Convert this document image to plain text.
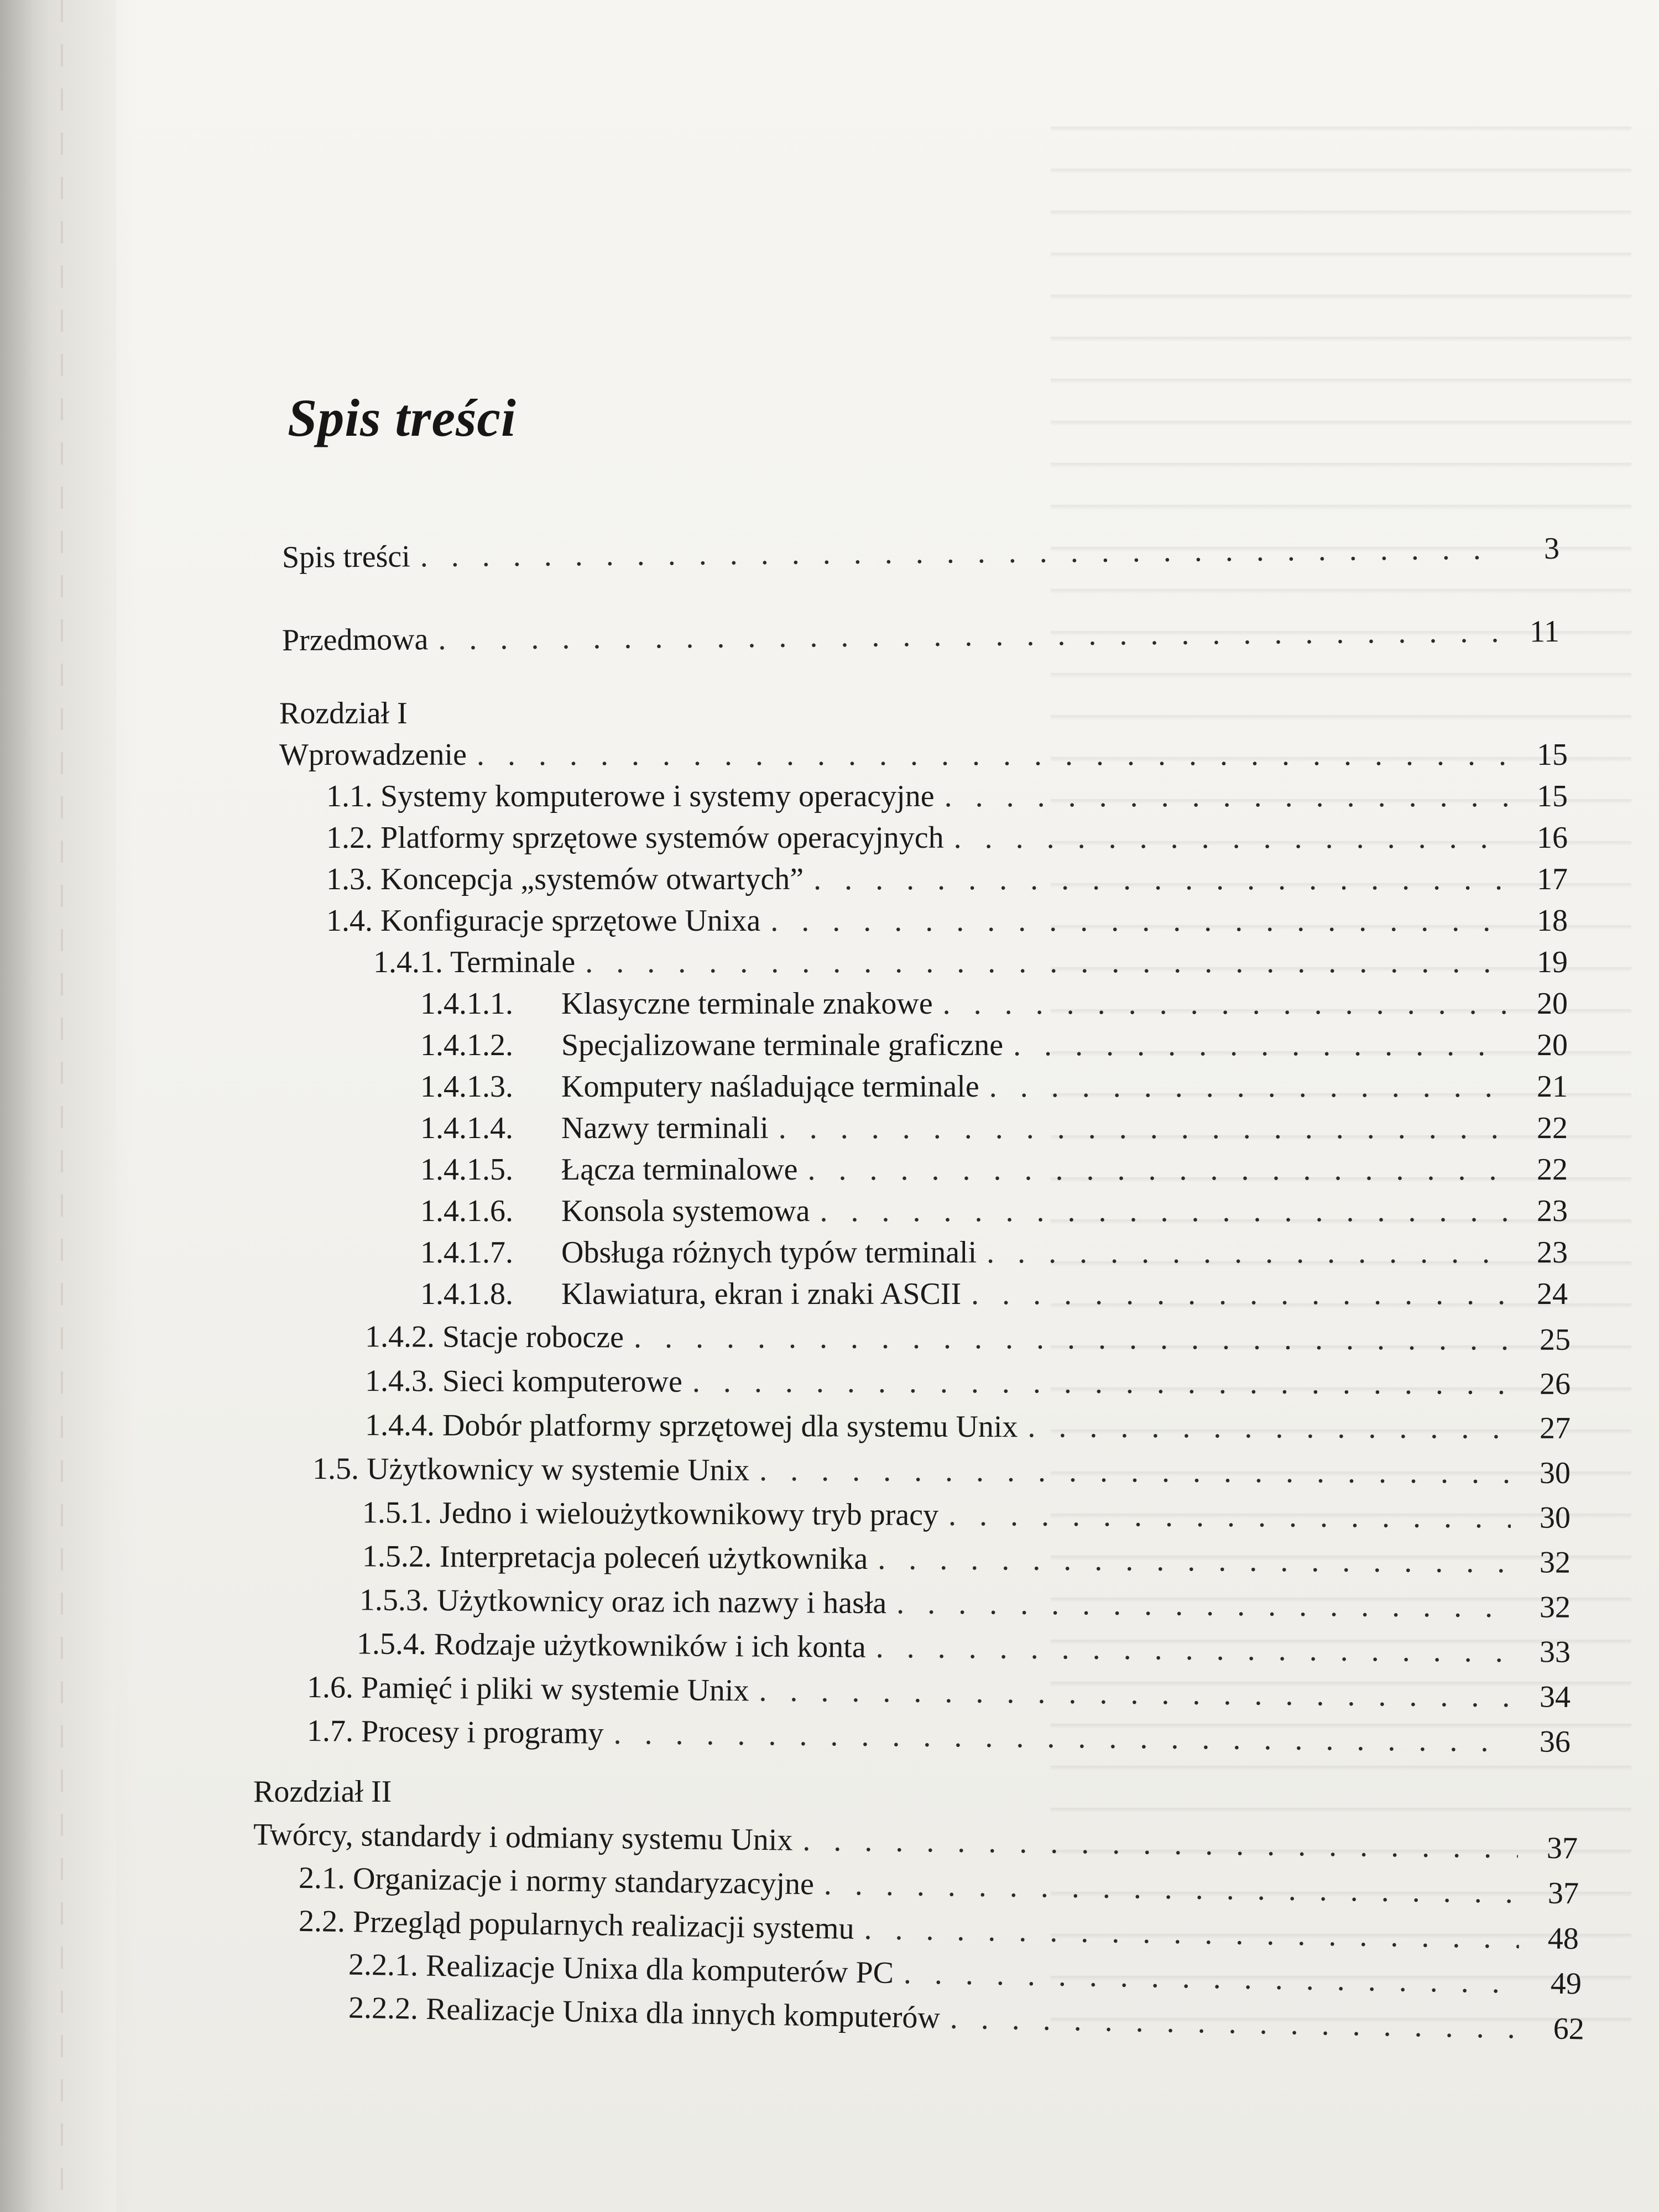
Spis treści
Spis treści . . .	3
Przedmowa . . .	11
Rozdział I
Wprowadzenie . . .	15
1.1. Systemy komputerowe i systemy operacyjne . . .	15
1.2. Platformy sprzętowe systemów operacyjnych . . .	16
1.3. Koncepcja „systemów otwartych” . . .	17
1.4. Konfiguracje sprzętowe Unixa . . .	18
1.4.1. Terminale . . .	19
1.4.1.1.	Klasyczne terminale znakowe . . .	20
1.4.1.2.	Specjalizowane terminale graficzne . . .	20
1.4.1.3.	Komputery naśladujące terminale . . .	21
1.4.1.4.	Nazwy terminali . . .	22
1.4.1.5.	Łącza terminalowe . . .	22
1.4.1.6.	Konsola systemowa . . .	23
1.4.1.7.	Obsługa różnych typów terminali . . .	23
1.4.1.8.	Klawiatura, ekran i znaki ASCII . . .	24
1.4.2. Stacje robocze . . .	25
1.4.3. Sieci komputerowe . . .	26
1.4.4. Dobór platformy sprzętowej dla systemu Unix . . .	27
1.5. Użytkownicy w systemie Unix . . .	30
1.5.1. Jedno i wieloużytkownikowy tryb pracy . . .	30
1.5.2. Interpretacja poleceń użytkownika . . .	32
1.5.3. Użytkownicy oraz ich nazwy i hasła . . .	32
1.5.4. Rodzaje użytkowników i ich konta . . .	33
1.6. Pamięć i pliki w systemie Unix . . .	34
1.7. Procesy i programy . . .	36
Rozdział II
Twórcy, standardy i odmiany systemu Unix . . .	37
2.1. Organizacje i normy standaryzacyjne . . .	37
2.2. Przegląd popularnych realizacji systemu . . .	48
2.2.1. Realizacje Unixa dla komputerów PC . . .	49
2.2.2. Realizacje Unixa dla innych komputerów . . .	62
